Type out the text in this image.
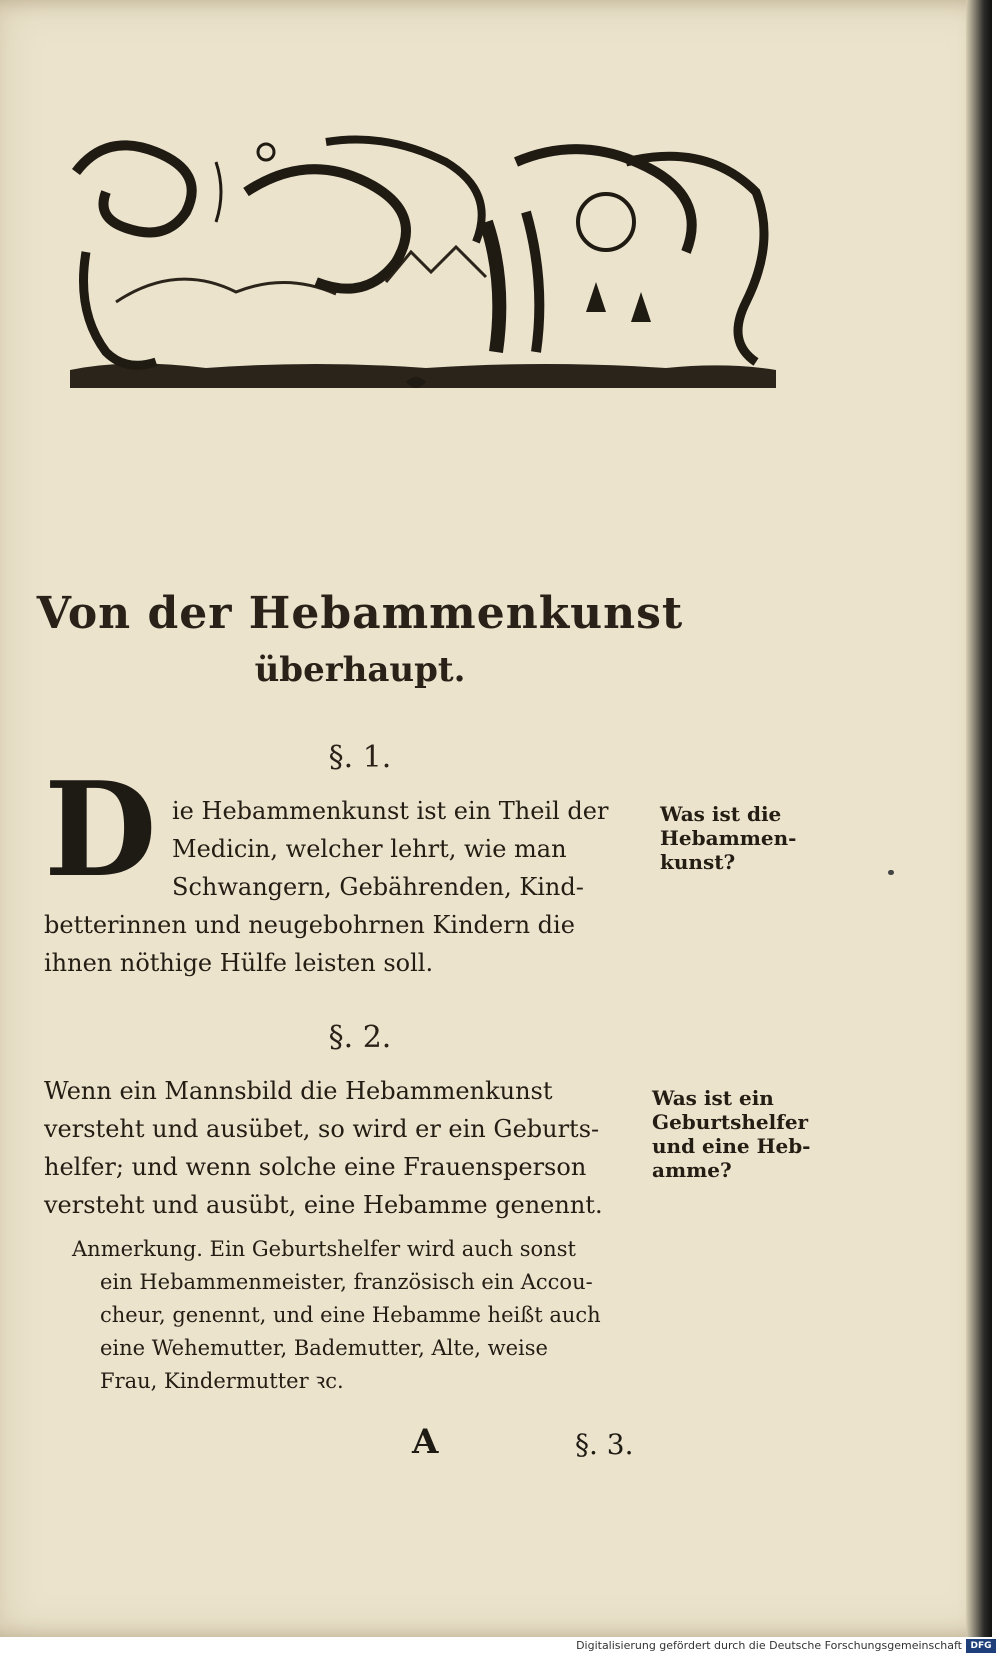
Von der Hebammenkunst
überhaupt.
§. 1.
D ie Hebammenkunst ist ein Theil der
Medicin, welcher lehrt, wie man
Schwangern, Gebährenden, Kind-
betterinnen und neugebohrnen Kindern die
ihnen nöthige Hülfe leisten soll.
Was ist die
Hebammen-
kunst?
§. 2.
Wenn ein Mannsbild die Hebammenkunst
versteht und ausübet, so wird er ein Geburts-
helfer; und wenn solche eine Frauensperson
versteht und ausübt, eine Hebamme genennt.
Was ist ein
Geburtshelfer
und eine Heb-
amme?
Anmerkung. Ein Geburtshelfer wird auch sonst
ein Hebammenmeister, französisch ein Accou-
cheur, genennt, und eine Hebamme heißt auch
eine Wehemutter, Bademutter, Alte, weise
Frau, Kindermutter ꝛc.
A	§. 3.
Digitalisierung gefördert durch die Deutsche Forschungsgemeinschaft DFG
